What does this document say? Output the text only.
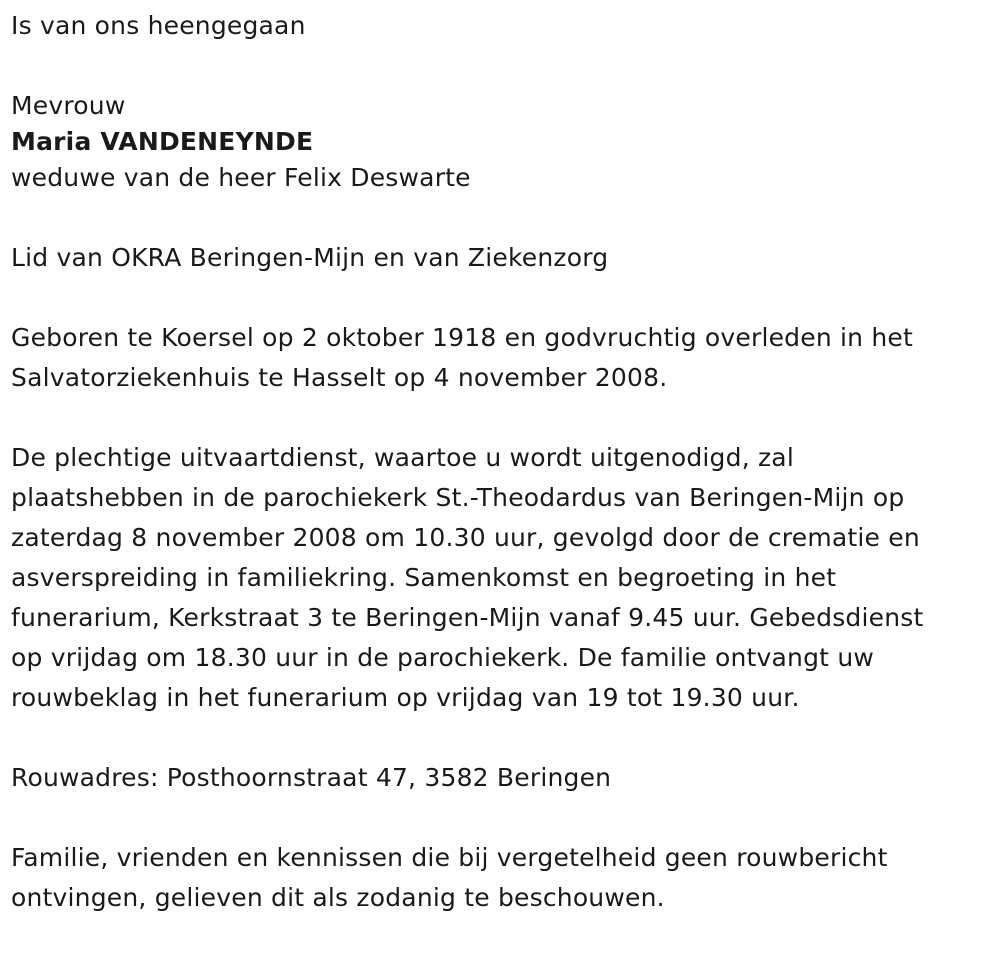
Is van ons heengegaan
Mevrouw
Maria VANDENEYNDE
weduwe van de heer Felix Deswarte
Lid van OKRA Beringen-Mijn en van Ziekenzorg
Geboren te Koersel op 2 oktober 1918 en godvruchtig overleden in het
Salvatorziekenhuis te Hasselt op 4 november 2008.
De plechtige uitvaartdienst, waartoe u wordt uitgenodigd, zal
plaatshebben in de parochiekerk St.-Theodardus van Beringen-Mijn op
zaterdag 8 november 2008 om 10.30 uur, gevolgd door de crematie en
asverspreiding in familiekring. Samenkomst en begroeting in het
funerarium, Kerkstraat 3 te Beringen-Mijn vanaf 9.45 uur. Gebedsdienst
op vrijdag om 18.30 uur in de parochiekerk. De familie ontvangt uw
rouwbeklag in het funerarium op vrijdag van 19 tot 19.30 uur.
Rouwadres: Posthoornstraat 47, 3582 Beringen
Familie, vrienden en kennissen die bij vergetelheid geen rouwbericht
ontvingen, gelieven dit als zodanig te beschouwen.
